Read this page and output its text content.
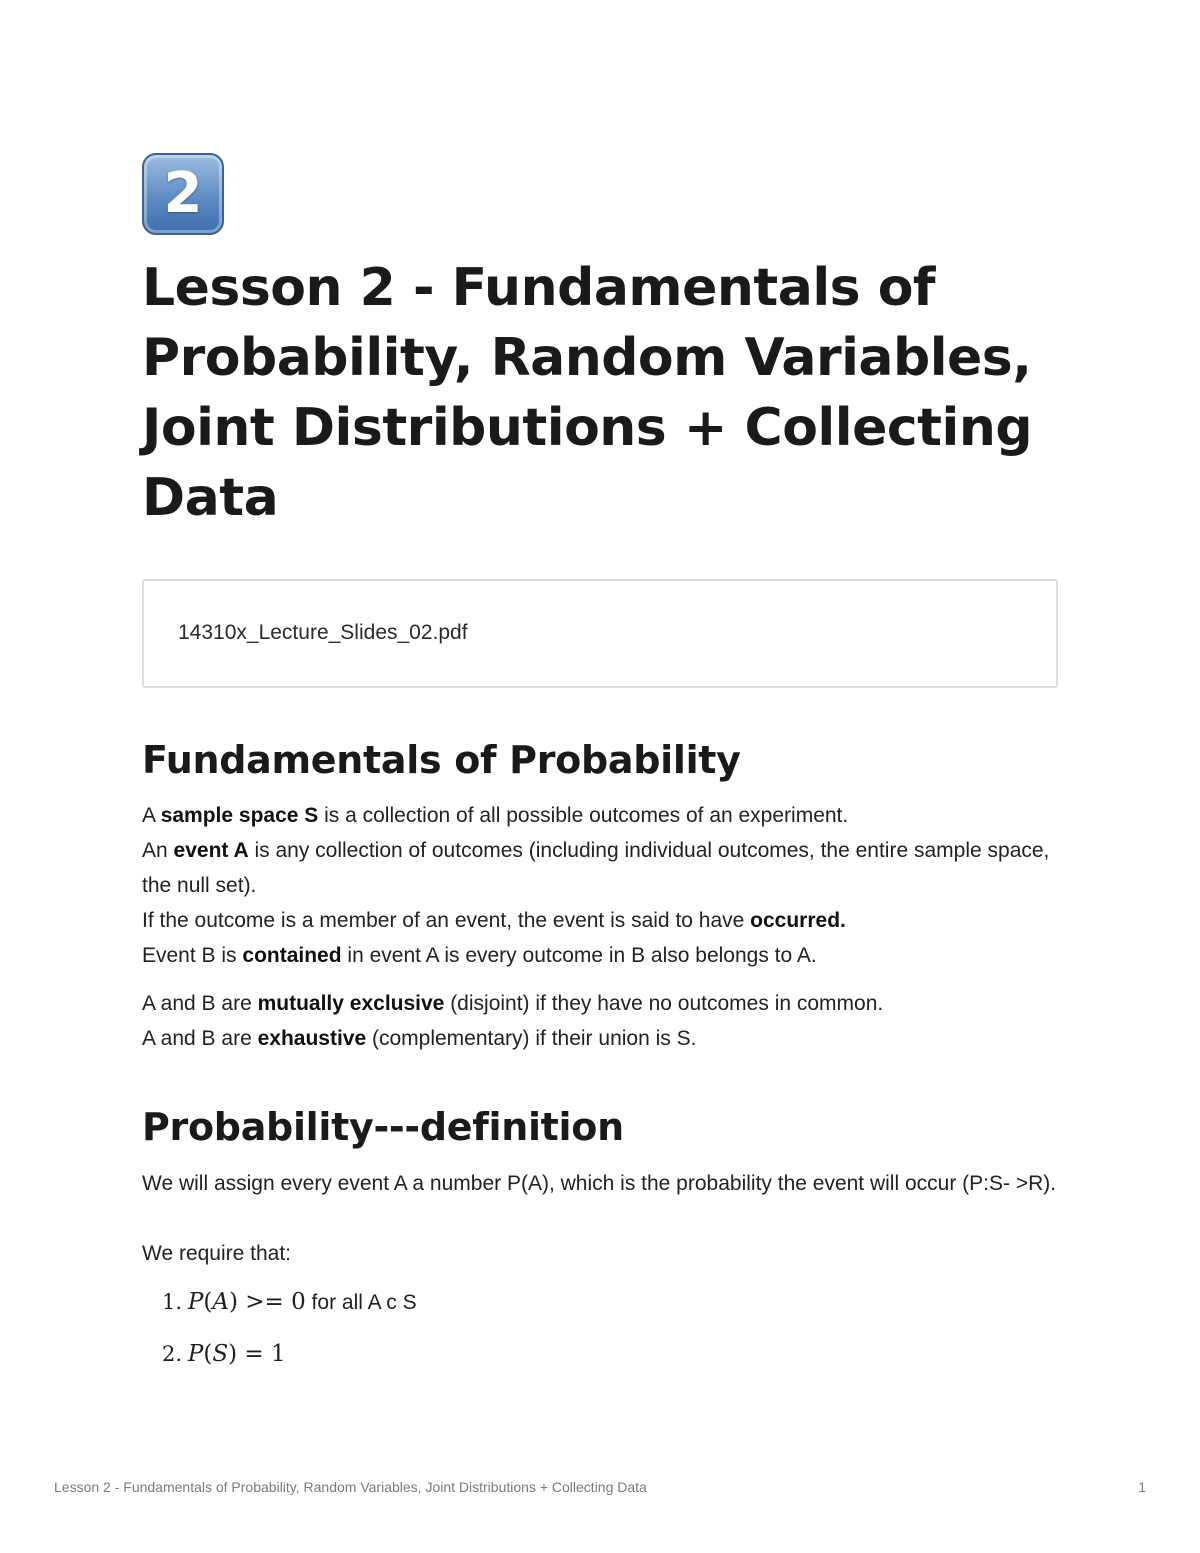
2
Lesson 2 - Fundamentals of Probability, Random Variables, Joint Distributions + Collecting Data
14310x_Lecture_Slides_02.pdf
Fundamentals of Probability

A sample space S is a collection of all possible outcomes of an experiment.
An event A is any collection of outcomes (including individual outcomes, the entire sample space, the null set).
If the outcome is a member of an event, the event is said to have occurred.
Event B is contained in event A is every outcome in B also belongs to A.

A and B are mutually exclusive (disjoint) if they have no outcomes in common.
A and B are exhaustive (complementary) if their union is S.

Probability---definition

We will assign every event A a number P(A), which is the probability the event will occur (P:S- >R).

We require that:

1. P(A) >= 0 for all A c S
2. P(S) = 1
Lesson 2 - Fundamentals of Probability, Random Variables, Joint Distributions + Collecting Data	1
